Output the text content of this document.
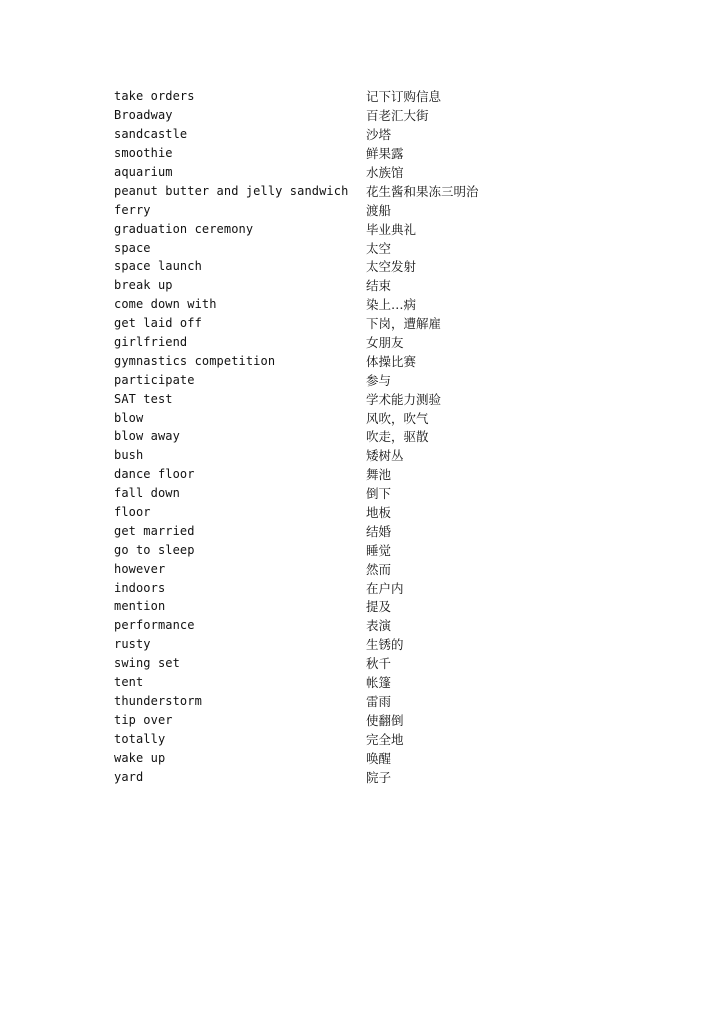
take orders	记下订购信息
Broadway	百老汇大街
sandcastle	沙塔
smoothie	鲜果露
aquarium	水族馆
peanut butter and jelly sandwich	花生酱和果冻三明治
ferry	渡船
graduation ceremony	毕业典礼
space	太空
space launch	太空发射
break up	结束
come down with	染上…病
get laid off	下岗，遭解雇
girlfriend	女朋友
gymnastics competition	体操比赛
participate	参与
SAT test	学术能力测验
blow	风吹，吹气
blow away	吹走，驱散
bush	矮树丛
dance floor	舞池
fall down	倒下
floor	地板
get married	结婚
go to sleep	睡觉
however	然而
indoors	在户内
mention	提及
performance	表演
rusty	生锈的
swing set	秋千
tent	帐篷
thunderstorm	雷雨
tip over	使翻倒
totally	完全地
wake up	唤醒
yard	院子
